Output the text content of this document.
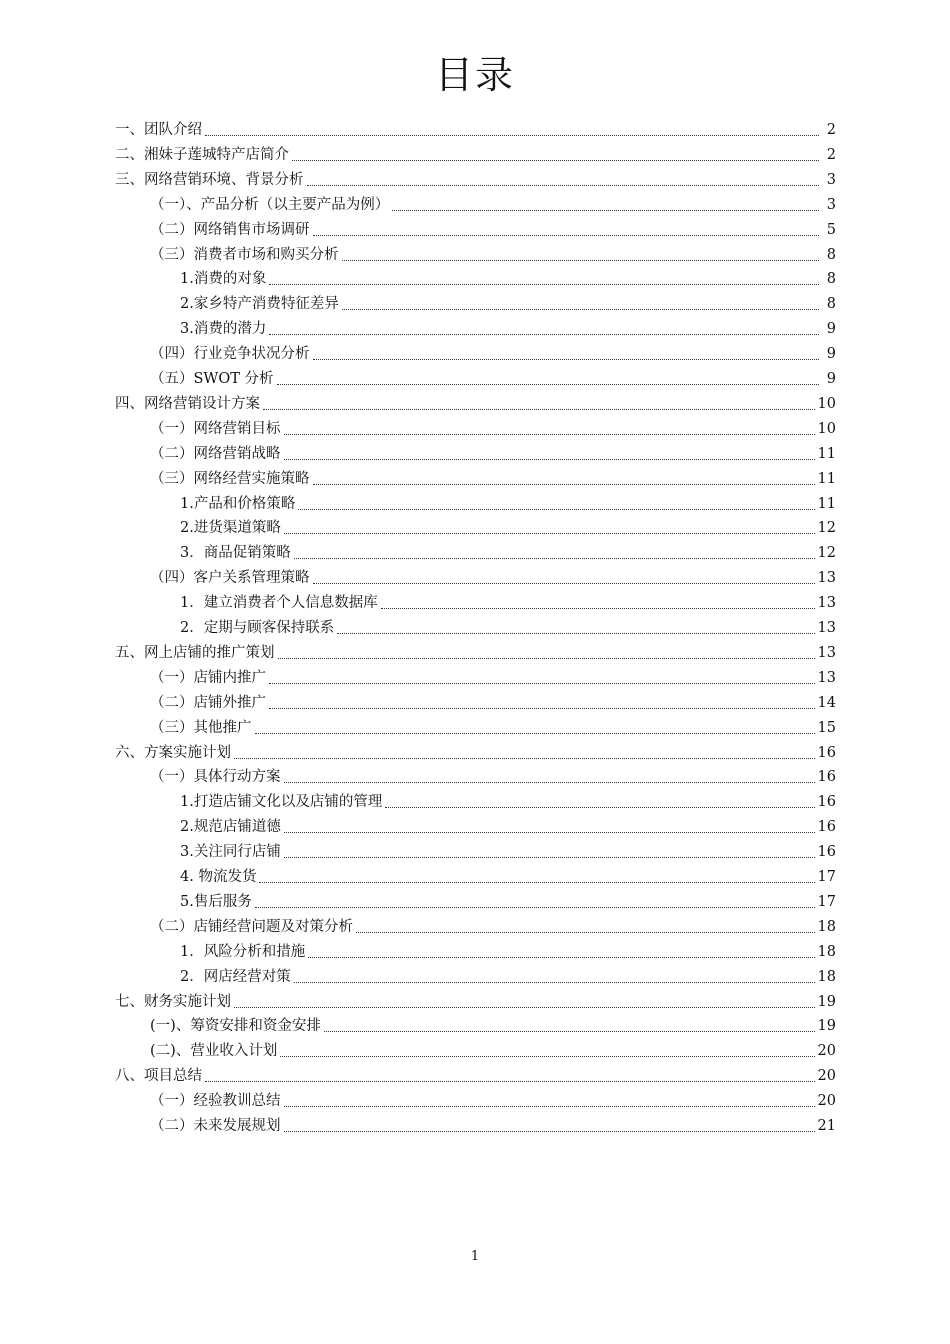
目录
一、团队介绍	2
二、湘妹子莲城特产店简介	2
三、网络营销环境、背景分析	3
（一）、产品分析（以主要产品为例）	3
（二）网络销售市场调研	5
（三）消费者市场和购买分析	8
1.消费的对象	8
2.家乡特产消费特征差异	8
3.消费的潜力	9
（四）行业竞争状况分析	9
（五）SWOT 分析	9
四、网络营销设计方案	10
（一）网络营销目标	10
（二）网络营销战略	11
（三）网络经营实施策略	11
1.产品和价格策略	11
2.进货渠道策略	12
3．商品促销策略	12
（四）客户关系管理策略	13
1．建立消费者个人信息数据库	13
2．定期与顾客保持联系	13
五、网上店铺的推广策划	13
（一）店铺内推广	13
（二）店铺外推广	14
（三）其他推广	15
六、方案实施计划	16
（一）具体行动方案	16
1.打造店铺文化以及店铺的管理	16
2.规范店铺道德	16
3.关注同行店铺	16
4. 物流发货	17
5.售后服务	17
（二）店铺经营问题及对策分析	18
1．风险分析和措施	18
2．网店经营对策	18
七、财务实施计划	19
(一)、筹资安排和资金安排	19
(二)、营业收入计划	20
八、项目总结	20
（一）经验教训总结	20
（二）未来发展规划	21
1
